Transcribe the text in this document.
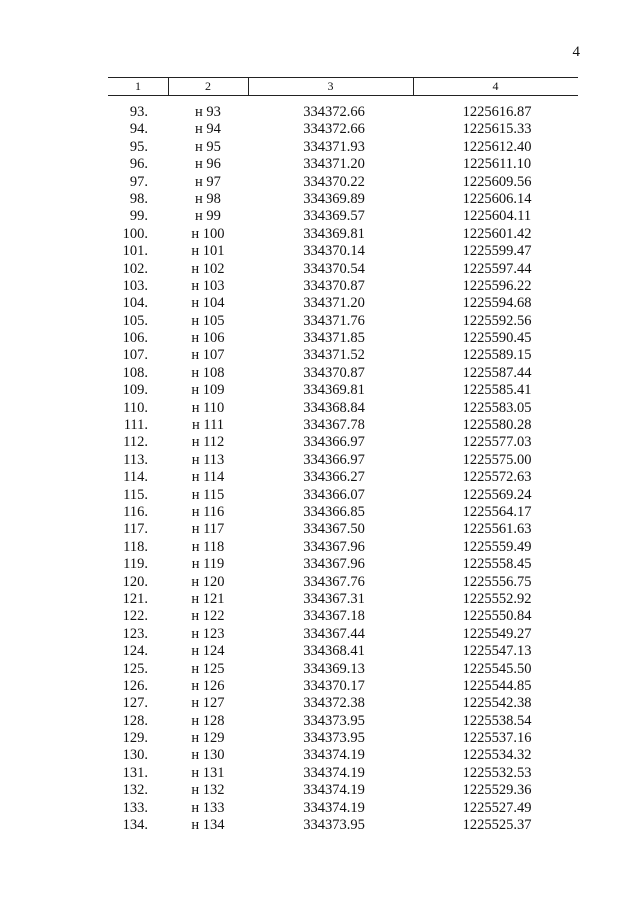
4
1	2	3	4
93.	н 93	334372.66	1225616.87
94.	н 94	334372.66	1225615.33
95.	н 95	334371.93	1225612.40
96.	н 96	334371.20	1225611.10
97.	н 97	334370.22	1225609.56
98.	н 98	334369.89	1225606.14
99.	н 99	334369.57	1225604.11
100.	н 100	334369.81	1225601.42
101.	н 101	334370.14	1225599.47
102.	н 102	334370.54	1225597.44
103.	н 103	334370.87	1225596.22
104.	н 104	334371.20	1225594.68
105.	н 105	334371.76	1225592.56
106.	н 106	334371.85	1225590.45
107.	н 107	334371.52	1225589.15
108.	н 108	334370.87	1225587.44
109.	н 109	334369.81	1225585.41
110.	н 110	334368.84	1225583.05
111.	н 111	334367.78	1225580.28
112.	н 112	334366.97	1225577.03
113.	н 113	334366.97	1225575.00
114.	н 114	334366.27	1225572.63
115.	н 115	334366.07	1225569.24
116.	н 116	334366.85	1225564.17
117.	н 117	334367.50	1225561.63
118.	н 118	334367.96	1225559.49
119.	н 119	334367.96	1225558.45
120.	н 120	334367.76	1225556.75
121.	н 121	334367.31	1225552.92
122.	н 122	334367.18	1225550.84
123.	н 123	334367.44	1225549.27
124.	н 124	334368.41	1225547.13
125.	н 125	334369.13	1225545.50
126.	н 126	334370.17	1225544.85
127.	н 127	334372.38	1225542.38
128.	н 128	334373.95	1225538.54
129.	н 129	334373.95	1225537.16
130.	н 130	334374.19	1225534.32
131.	н 131	334374.19	1225532.53
132.	н 132	334374.19	1225529.36
133.	н 133	334374.19	1225527.49
134.	н 134	334373.95	1225525.37
